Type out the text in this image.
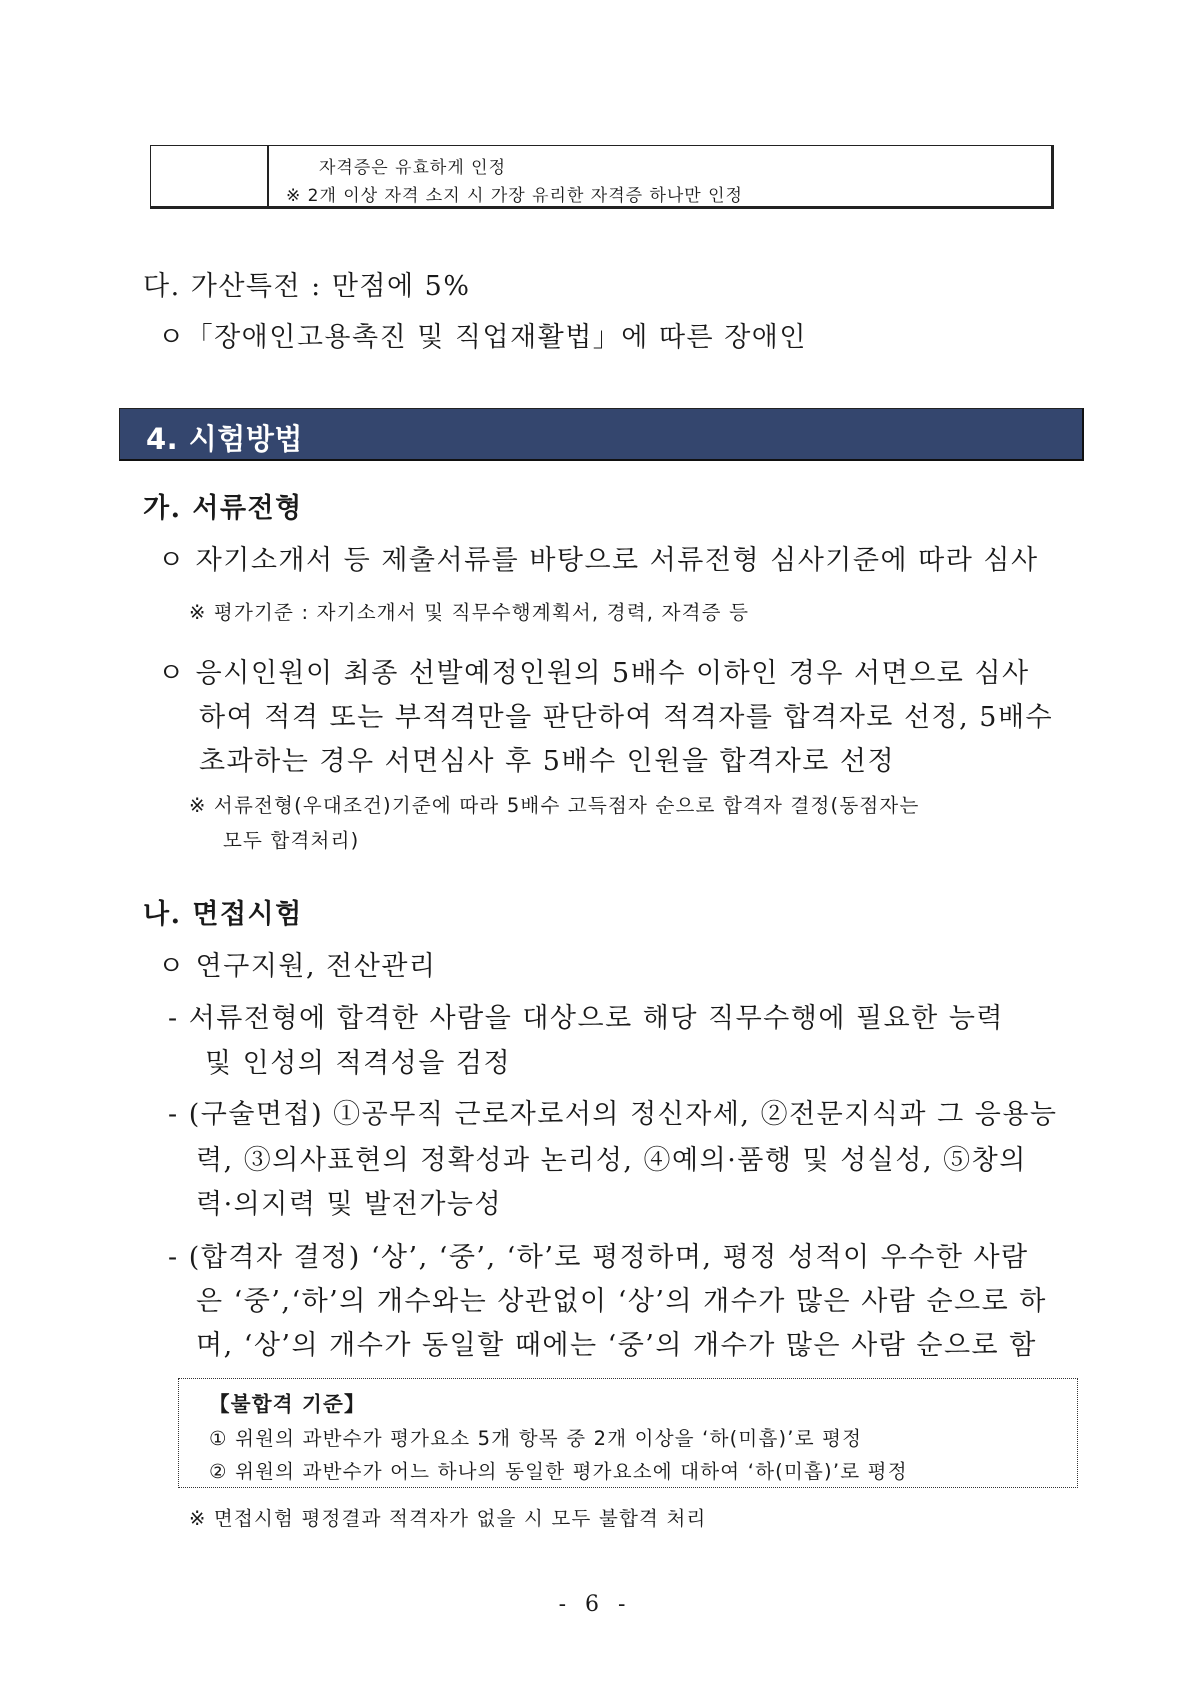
자격증은 유효하게 인정
※ 2개 이상 자격 소지 시 가장 유리한 자격증 하나만 인정
다. 가산특전 : 만점에 5%
ㅇ「장애인고용촉진 및 직업재활법」에 따른 장애인
4. 시험방법
가. 서류전형
ㅇ 자기소개서 등 제출서류를 바탕으로 서류전형 심사기준에 따라 심사
※ 평가기준 : 자기소개서 및 직무수행계획서, 경력, 자격증 등
ㅇ 응시인원이 최종 선발예정인원의 5배수 이하인 경우 서면으로 심사
하여 적격 또는 부적격만을 판단하여 적격자를 합격자로 선정, 5배수
초과하는 경우 서면심사 후 5배수 인원을 합격자로 선정
※ 서류전형(우대조건)기준에 따라 5배수 고득점자 순으로 합격자 결정(동점자는
모두 합격처리)
나. 면접시험
ㅇ 연구지원, 전산관리
- 서류전형에 합격한 사람을 대상으로 해당 직무수행에 필요한 능력
및 인성의 적격성을 검정
- (구술면접) ①공무직 근로자로서의 정신자세, ②전문지식과 그 응용능
력, ③의사표현의 정확성과 논리성, ④예의·품행 및 성실성, ⑤창의
력·의지력 및 발전가능성
- (합격자 결정) ‘상’, ‘중’, ‘하’로 평정하며, 평정 성적이 우수한 사람
은 ‘중’,‘하’의 개수와는 상관없이 ‘상’의 개수가 많은 사람 순으로 하
며, ‘상’의 개수가 동일할 때에는 ‘중’의 개수가 많은 사람 순으로 함
【불합격 기준】
① 위원의 과반수가 평가요소 5개 항목 중 2개 이상을 ‘하(미흡)’로 평정
② 위원의 과반수가 어느 하나의 동일한 평가요소에 대하여 ‘하(미흡)’로 평정
※ 면접시험 평정결과 적격자가 없을 시 모두 불합격 처리
- 6 -
